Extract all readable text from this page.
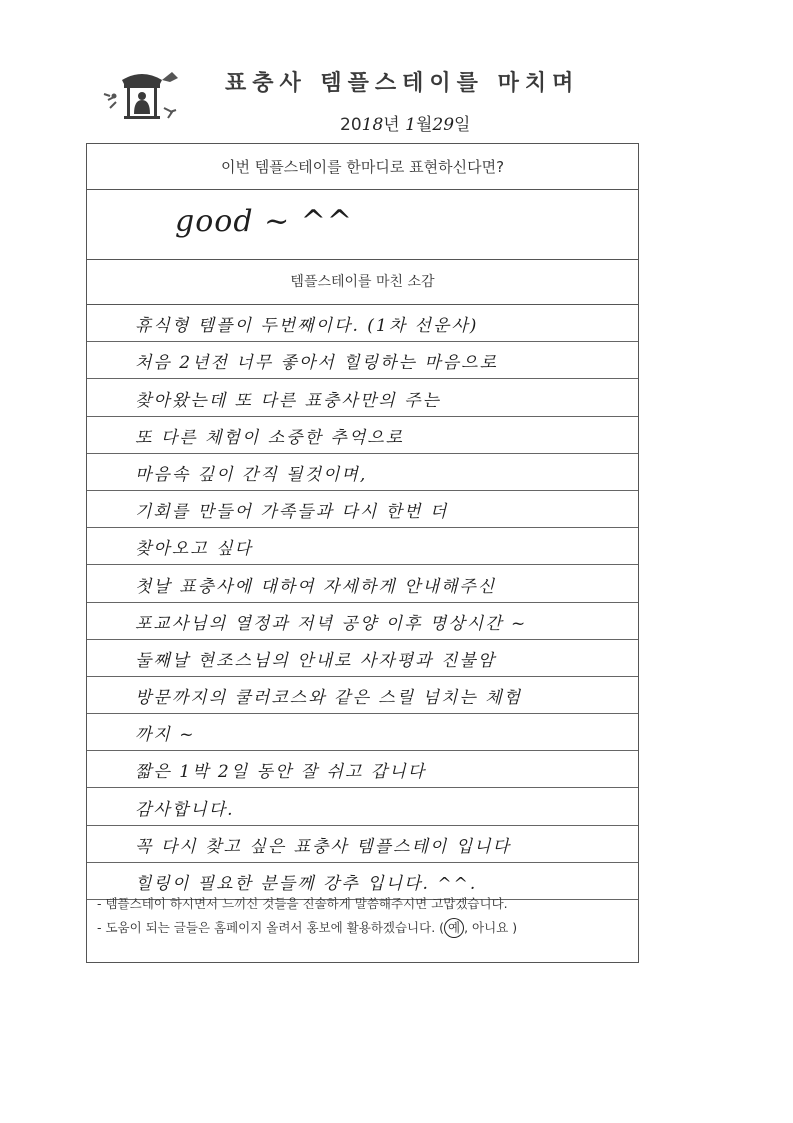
표충사 템플스테이를 마치며
2018년 1월29일
이번 템플스테이를 한마디로 표현하신다면?
good ~ ^^
템플스테이를 마친 소감
휴식형 템플이 두번째이다. (1차 선운사)
처음 2년전 너무 좋아서 힐링하는 마음으로
찾아왔는데 또 다른 표충사만의 주는
또 다른 체험이 소중한 추억으로
마음속 깊이 간직 될것이며,
기회를 만들어 가족들과 다시 한번 더
찾아오고 싶다
첫날 표충사에 대하여 자세하게 안내해주신
포교사님의 열정과 저녁 공양 이후 명상시간 ~
둘째날 현조스님의 안내로 사자평과 진불암
방문까지의 쿨러코스와 같은 스릴 넘치는 체험
까지 ~
짧은 1박 2일 동안 잘 쉬고 갑니다
감사합니다.
꼭 다시 찾고 싶은 표충사 템플스테이 입니다
힐링이 필요한 분들께 강추 입니다. ^^.
- 템플스테이 하시면서 느끼신 것들을 진솔하게 말씀해주시면 고맙겠습니다.
- 도움이 되는 글들은 홈페이지 올려서 홍보에 활용하겠습니다. ( 예 , 아니요 )
